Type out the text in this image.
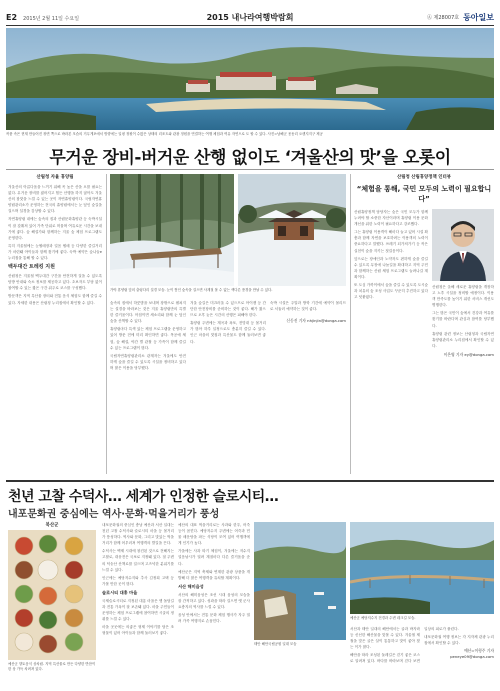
E2 2015년 2월 11일 수요일	2015 내나라여행박람회	Ⓐ 제28007호 동아일보
작품 속은 현재 만들어진 장면 쪽으로 바라본 모습의 거무게포에서 방향에는 일평 정원이 수많은 상태의 리조트와 관광 정원을 연결하는 여행 체험과 여유 자연으로 도 할 수 있다. 사진=남해군 옹동리 오렌지지구 제공
무거운 장비-버거운 산행 없이도 ‘겨울산의 맛’을 오롯이
산림청 자율 휴양림

겨울산의 아름다움을 느끼기 위해 꼭 높은 산을 오를 필요는 없다. 무거운 장비를 짊어지고 힘든 산행을 하지 않아도 겨울산의 참맛을 느낄 수 있는 곳이 자연휴양림이다. 국립자연휴양림관리소가 운영하는 전국의 휴양림에서는 눈 덮인 숲길을 걸으며 설경을 감상할 수 있다.

자연휴양림 내에는 숲속의 집과 산림문화휴양관 등 숙박시설이 잘 갖춰져 있어 가족 단위로 머물며 여유로운 시간을 보내기에 좋다. 숲 해설가와 함께하는 겨울 숲 체험 프로그램도 운영한다.

특히 겨울철에는 눈썰매장과 얼음 썰매 등 다양한 즐길거리가 마련돼 아이들과 함께 찾기에 좋다. 숙박 예약은 숲나들e 누리집을 통해 할 수 있다.

백두대간 트레킹 지원

산림청은 겨울철 백두대간 구간을 안전하게 걸을 수 있도록 탐방 안내와 숙소 정보를 제공하고 있다. 초보자도 부담 없이 참여할 수 있는 짧은 구간 위주로 코스를 구성했다.

방문객은 지역 특산물 장터와 전통 음식 체험도 함께 즐길 수 있다. 자세한 내용은 산림청 누리집에서 확인할 수 있다.

가야 휴양림 앞의 출렁다리 설경 모습. 눈이 쌓인 숲속을 걸으면 사계절 볼 수 없는 색다른 풍경을 만날 수 있다.

숲속의 집에서 하룻밤을 보내며 창밖으로 펼쳐지는 설경을 바라보는 것은 겨울 휴양림만의 특별한 즐거움이다. 아침이면 새소리와 함께 눈 덮인 숲을 산책할 수 있다.

휴양림마다 특색 있는 체험 프로그램을 운영하고 있어 방문 전에 미리 확인하면 좋다. 목공예 체험, 숲 해설, 야간 별 관찰 등 가족이 함께 즐길 수 있는 프로그램이 많다.

국립자연휴양림관리소 관계자는 겨울에도 안전하게 숲을 즐길 수 있도록 시설을 정비하고 있다며 많은 이용을 당부했다.

겨울 숲길은 미끄러울 수 있으므로 아이젠 등 간단한 안전장비를 준비하는 것이 좋다. 해가 짧으므로 오후 늦은 시간의 산행은 피해야 한다.

휴양림 주변에는 계곡과 폭포, 전망대 등 볼거리가 많아 하루 일정으로도 충분히 즐길 수 있다. 인근 마을의 맛집과 특산물도 함께 둘러보면 좋다.

숙박 시설은 주말과 방학 기간에 예약이 몰리므로 서둘러 예약하는 것이 좋다.

신동진 기자 nhjinjin@donga.com
산림청 산림휴양정책 인터뷰
“체험을 통해, 국민 모두의 노력이 필요합니다”

산림휴양정책 담당자는 숲은 국민 모두가 함께 누려야 할 소중한 자산이라며 휴양림 이용 문화 개선을 위한 노력이 필요하다고 강조했다.

그는 휴양림 이용객이 해마다 늘고 있어 시설 확충과 함께 자연을 보호하려는 이용객의 노력이 중요하다고 말했다. 쓰레기 되가져가기 등 작은 실천이 숲을 지키는 첫걸음이다.

앞으로는 장애인과 노약자도 편하게 숲을 즐길 수 있도록 무장애 나눔길을 확대하고 지역 주민과 함께하는 산림 체험 프로그램도 늘려나갈 계획이다.

또 도심 가까이에서 숲을 즐길 수 있도록 도시숲과 치유의 숲 조성 사업도 꾸준히 추진하고 있다고 덧붙였다.

산림청은 올해 새로운 휴양림을 개장하고 노후 시설을 정비할 예정이다. 이용객 만족도를 높이기 위한 서비스 개선도 병행한다.

그는 많은 국민이 숲에서 건강과 여유를 찾기를 바란다며 관심과 참여를 당부했다.

휴양림 관련 정보는 산림청과 국립자연휴양림관리소 누리집에서 확인할 수 있다.

이은영 기자 ey@donga.com
천년 고찰 수덕사… 세계가 인정한 슬로시티…
내포문화권 중심에는 역사·문화·먹을거리가 풍성
북산군
예산군 향토음식 상차림. 지역 특산물로 만든 다양한 반찬이 한 상 가득 차려져 있다.

내포문화권의 중심인 충남 예산과 서산 일대는 천년 고찰 수덕사와 슬로시티 마을 등 볼거리가 풍성하다. 역사와 문화, 그리고 맛있는 먹을거리가 함께 어우러져 여행객의 발길을 끈다.

수덕사는 백제 시대에 창건된 것으로 전해지는 고찰로, 대웅전은 국보로 지정돼 있다. 절 주변의 덕숭산 산책로를 걸으며 고즈넉한 분위기를 느낄 수 있다.

인근에는 예당저수지와 추사 김정희 고택 등 가볼 만한 곳이 많다.

슬로시티 대흥 마을

국제슬로시티로 지정된 대흥 마을은 옛 돌담길과 전통 가옥이 잘 보존돼 있다. 마을 주민들이 운영하는 체험 프로그램에 참여하면 시골의 정취를 느낄 수 있다.

마을 곳곳에는 의좋은 형제 이야기를 담은 조형물이 있어 아이들과 함께 둘러보기 좋다.

예산의 대표 먹을거리로는 사과와 한우, 어죽 등이 꼽힌다. 예당저수지 주변에는 어죽과 민물 매운탕을 파는 식당이 모여 있어 여행객에게 인기가 높다.

가을에는 사과 따기 체험이, 겨울에는 저수지 얼음낚시가 열려 계절마다 다른 즐거움을 준다.

예산군은 지역 축제와 연계한 관광 상품을 개발해 더 많은 여행객을 유치할 계획이다.

서산 해미읍성

서산의 해미읍성은 조선 시대 읍성의 모습을 잘 간직하고 있다. 성곽을 따라 걸으면 옛 군사 요충지의 역사를 느낄 수 있다.

읍성 안에서는 전통 문화 체험 행사가 자주 열려 가족 여행지로 손꼽힌다.

태안 해안국립공원 일대 모습
예산군 예당저수지 전경과 수변 데크길 모습.

서산과 태안 일대의 해안에서는 굴과 바지락 등 신선한 해산물을 맛볼 수 있다. 겨울철 제철을 맞은 굴은 살이 통통하고 맛이 좋아 찾는 이가 많다.

해안을 따라 조성된 둘레길은 걷기 좋은 코스로 알려져 있다. 바다를 바라보며 걷다 보면 일상의 피로가 풀린다.

내포문화권 여행 정보는 각 지자체 관광 누리집에서 확인할 수 있다.

예산=이형주 기자 peneye09@donga.com
